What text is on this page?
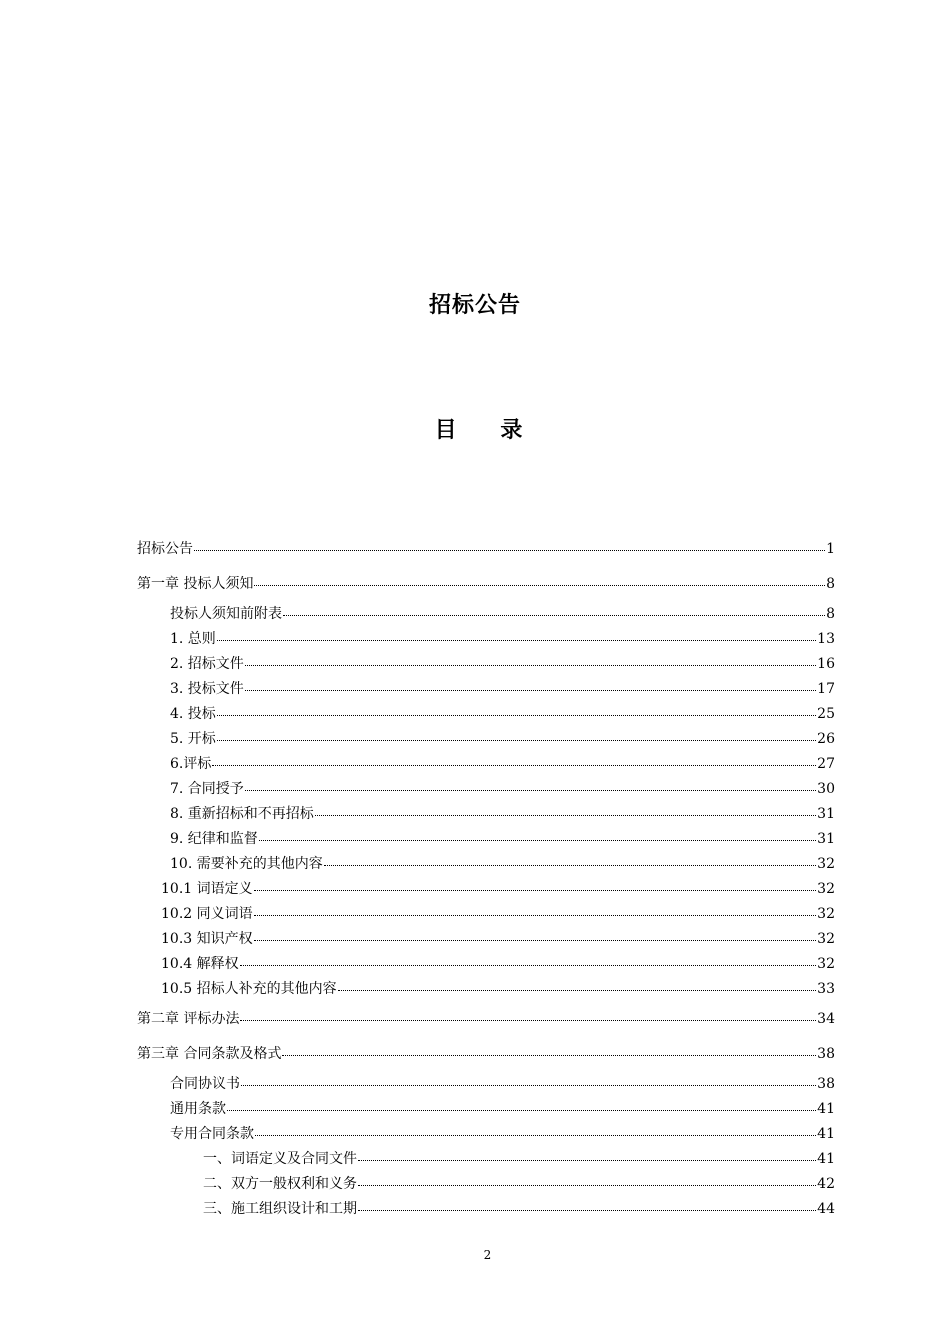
招标公告
目 录
招标公告	1
第一章 投标人须知	8
投标人须知前附表	8
1. 总则	13
2. 招标文件	16
3. 投标文件	17
4. 投标	25
5. 开标	26
6.评标	27
7. 合同授予	30
8. 重新招标和不再招标	31
9. 纪律和监督	31
10. 需要补充的其他内容	32
10.1 词语定义	32
10.2 同义词语	32
10.3 知识产权	32
10.4 解释权	32
10.5 招标人补充的其他内容	33
第二章 评标办法	34
第三章 合同条款及格式	38
合同协议书	38
通用条款	41
专用合同条款	41
一、词语定义及合同文件	41
二、双方一般权利和义务	42
三、施工组织设计和工期	44
2
